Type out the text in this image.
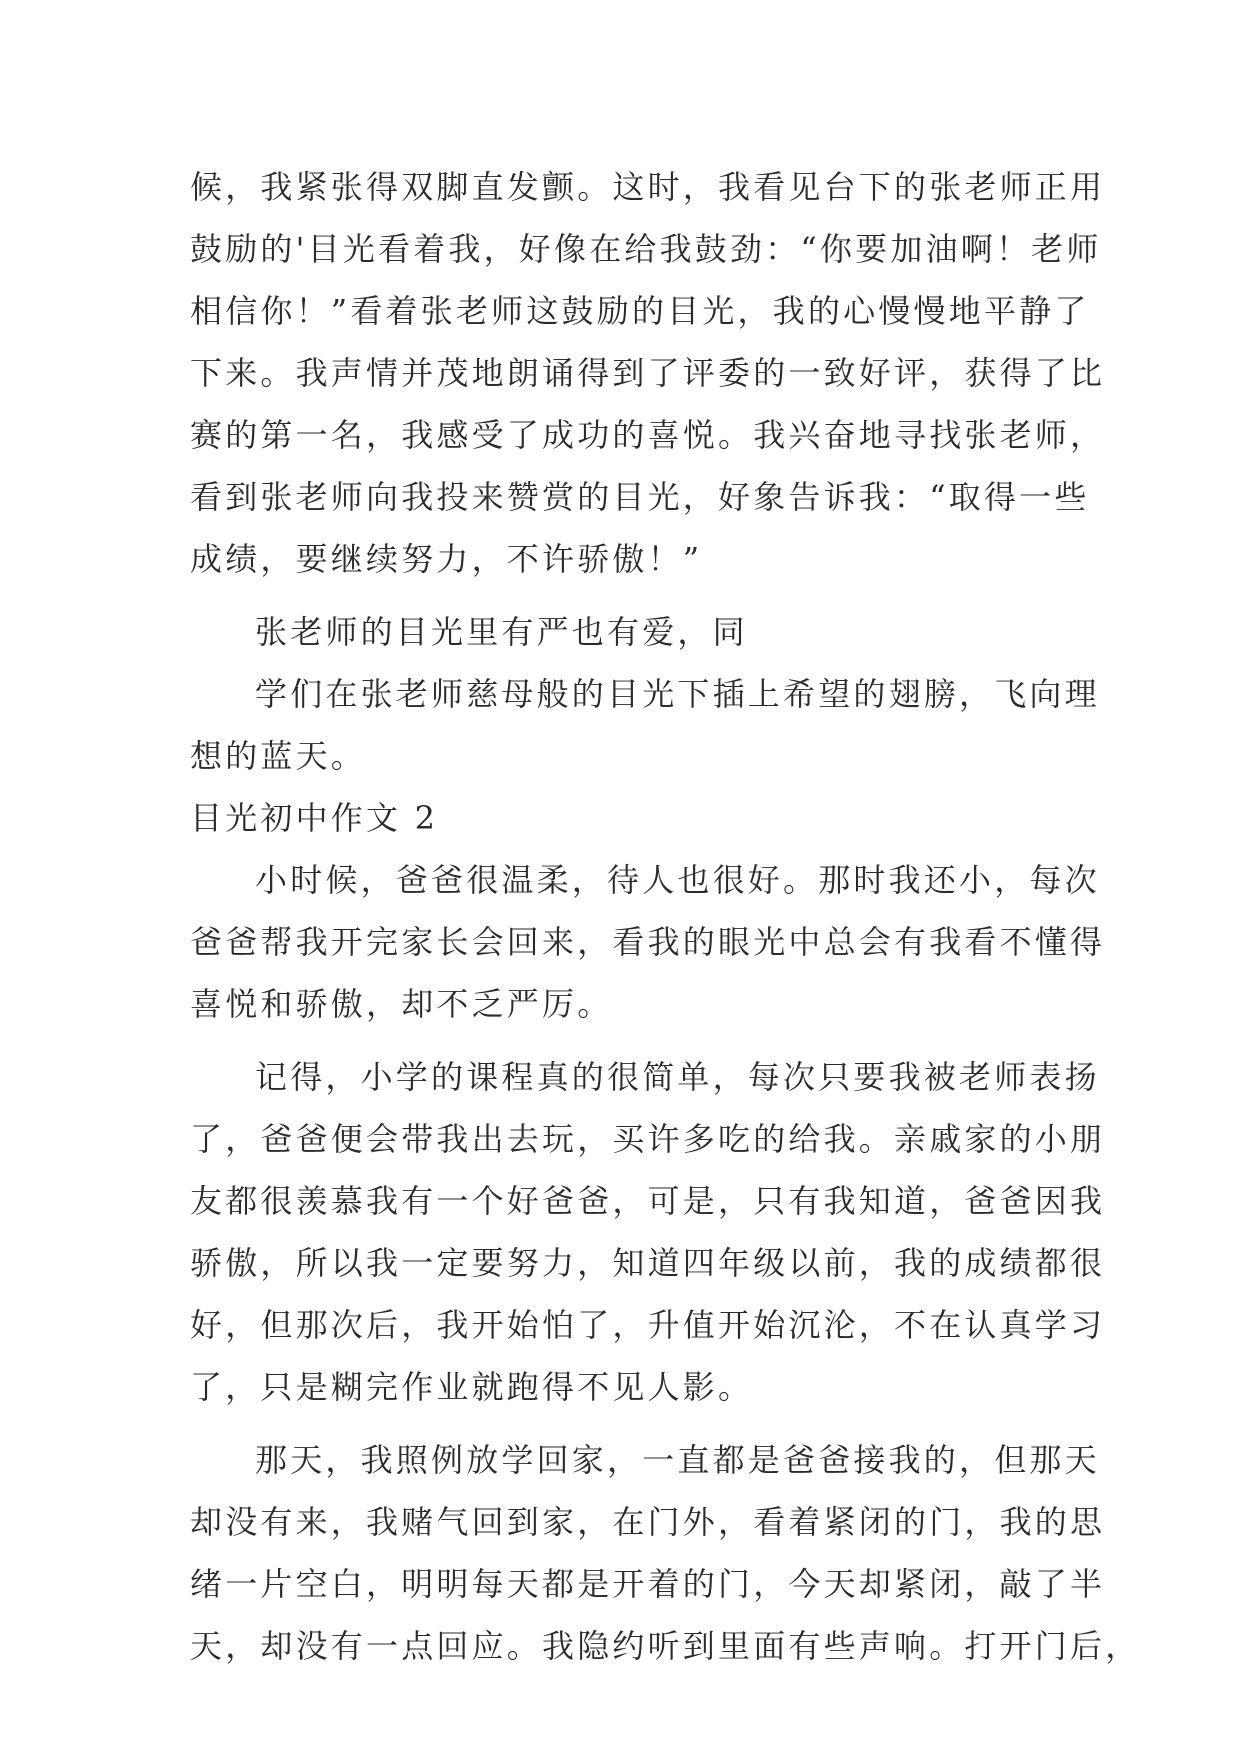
候，我紧张得双脚直发颤。这时，我看见台下的张老师正用
鼓励的'目光看着我，好像在给我鼓劲：“你要加油啊！老师
相信你！”看着张老师这鼓励的目光，我的心慢慢地平静了
下来。我声情并茂地朗诵得到了评委的一致好评，获得了比
赛的第一名，我感受了成功的喜悦。我兴奋地寻找张老师，
看到张老师向我投来赞赏的目光，好象告诉我：“取得一些
成绩，要继续努力，不许骄傲！”
张老师的目光里有严也有爱，同
学们在张老师慈母般的目光下插上希望的翅膀，飞向理
想的蓝天。
目光初中作文 2
小时候，爸爸很温柔，待人也很好。那时我还小，每次
爸爸帮我开完家长会回来，看我的眼光中总会有我看不懂得
喜悦和骄傲，却不乏严厉。
记得，小学的课程真的很简单，每次只要我被老师表扬
了，爸爸便会带我出去玩，买许多吃的给我。亲戚家的小朋
友都很羡慕我有一个好爸爸，可是，只有我知道，爸爸因我
骄傲，所以我一定要努力，知道四年级以前，我的成绩都很
好，但那次后，我开始怕了，升值开始沉沦，不在认真学习
了，只是糊完作业就跑得不见人影。
那天，我照例放学回家，一直都是爸爸接我的，但那天
却没有来，我赌气回到家，在门外，看着紧闭的门，我的思
绪一片空白，明明每天都是开着的门，今天却紧闭，敲了半
天，却没有一点回应。我隐约听到里面有些声响。打开门后，
